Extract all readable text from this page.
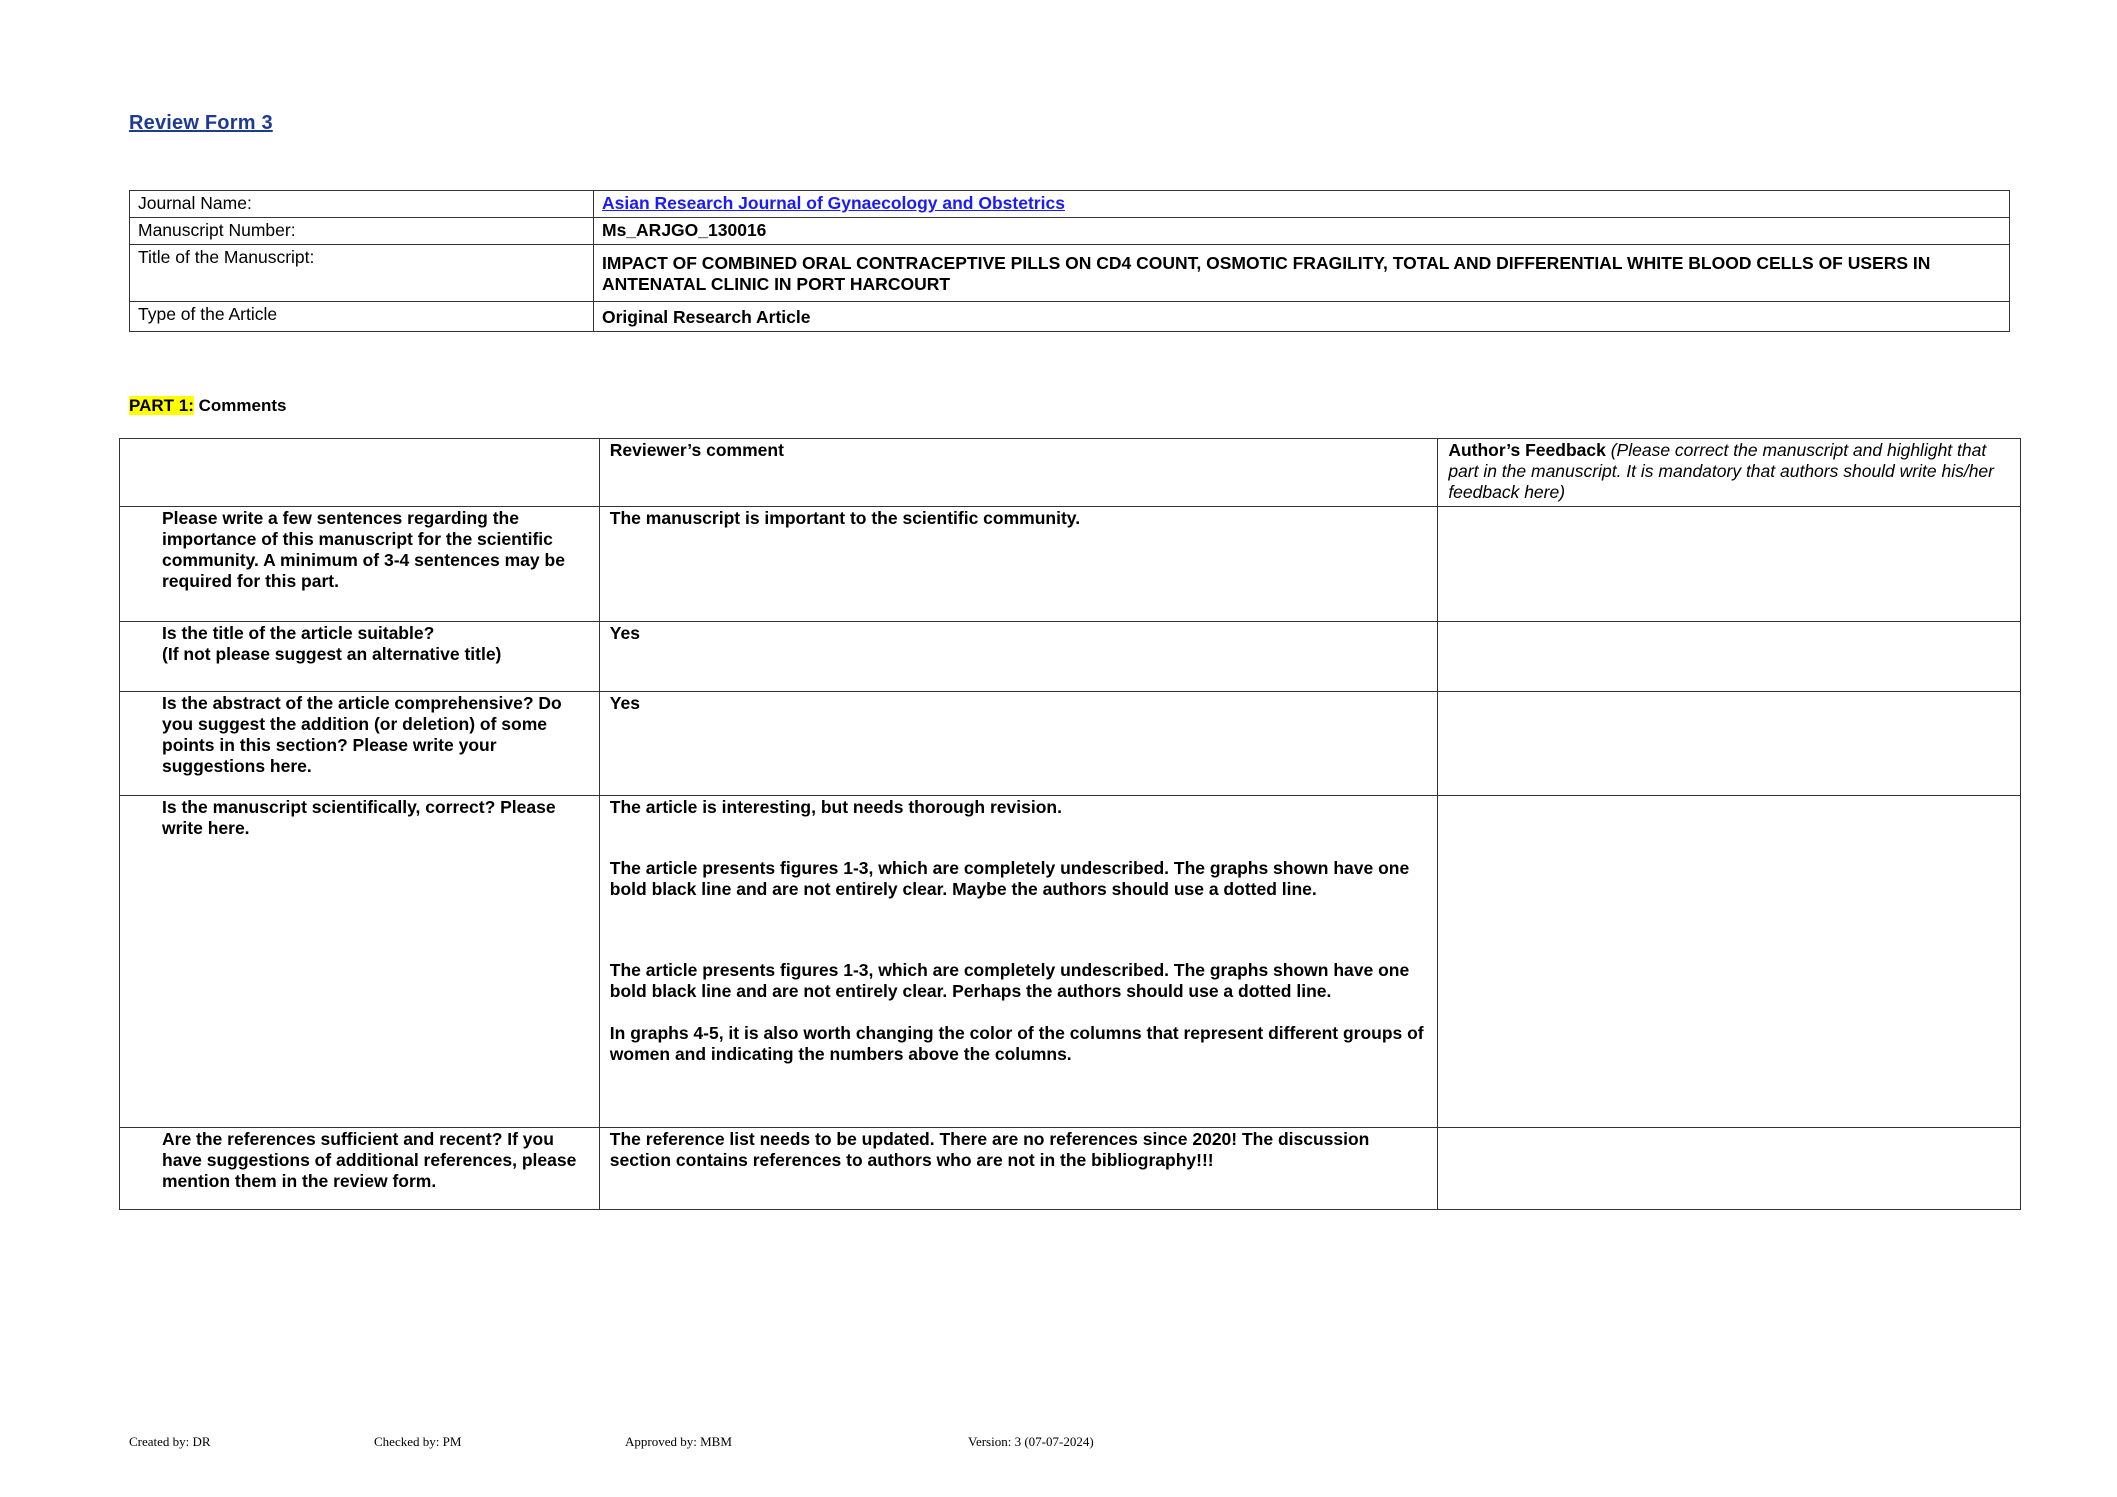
Review Form 3
Journal Name:	Asian Research Journal of Gynaecology and Obstetrics
Manuscript Number:	Ms_ARJGO_130016
Title of the Manuscript:	IMPACT OF COMBINED ORAL CONTRACEPTIVE PILLS ON CD4 COUNT, OSMOTIC FRAGILITY, TOTAL AND DIFFERENTIAL WHITE BLOOD CELLS OF USERS IN ANTENATAL CLINIC IN PORT HARCOURT
Type of the Article	Original Research Article
PART 1: Comments
	Reviewer’s comment	Author’s Feedback (Please correct the manuscript and highlight that part in the manuscript. It is mandatory that authors should write his/her feedback here)
Please write a few sentences regarding the importance of this manuscript for the scientific community. A minimum of 3-4 sentences may be required for this part.	The manuscript is important to the scientific community.	

Is the title of the article suitable?

(If not please suggest an alternative title)	Yes	

Is the abstract of the article comprehensive? Do you suggest the addition (or deletion) of some points in this section? Please write your suggestions here.	Yes	

Is the manuscript scientifically, correct? Please write here.	The article is interesting, but needs thorough revision.

The article presents figures 1-3, which are completely undescribed. The graphs shown have one bold black line and are not entirely clear. Maybe the authors should use a dotted line.

The article presents figures 1-3, which are completely undescribed. The graphs shown have one bold black line and are not entirely clear. Perhaps the authors should use a dotted line.

In graphs 4-5, it is also worth changing the color of the columns that represent different groups of women and indicating the numbers above the columns.	

Are the references sufficient and recent? If you have suggestions of additional references, please mention them in the review form.	The reference list needs to be updated. There are no references since 2020! The discussion section contains references to authors who are not in the bibliography!!!	

Created by: DR	Checked by: PM	Approved by: MBM	Version: 3 (07-07-2024)
